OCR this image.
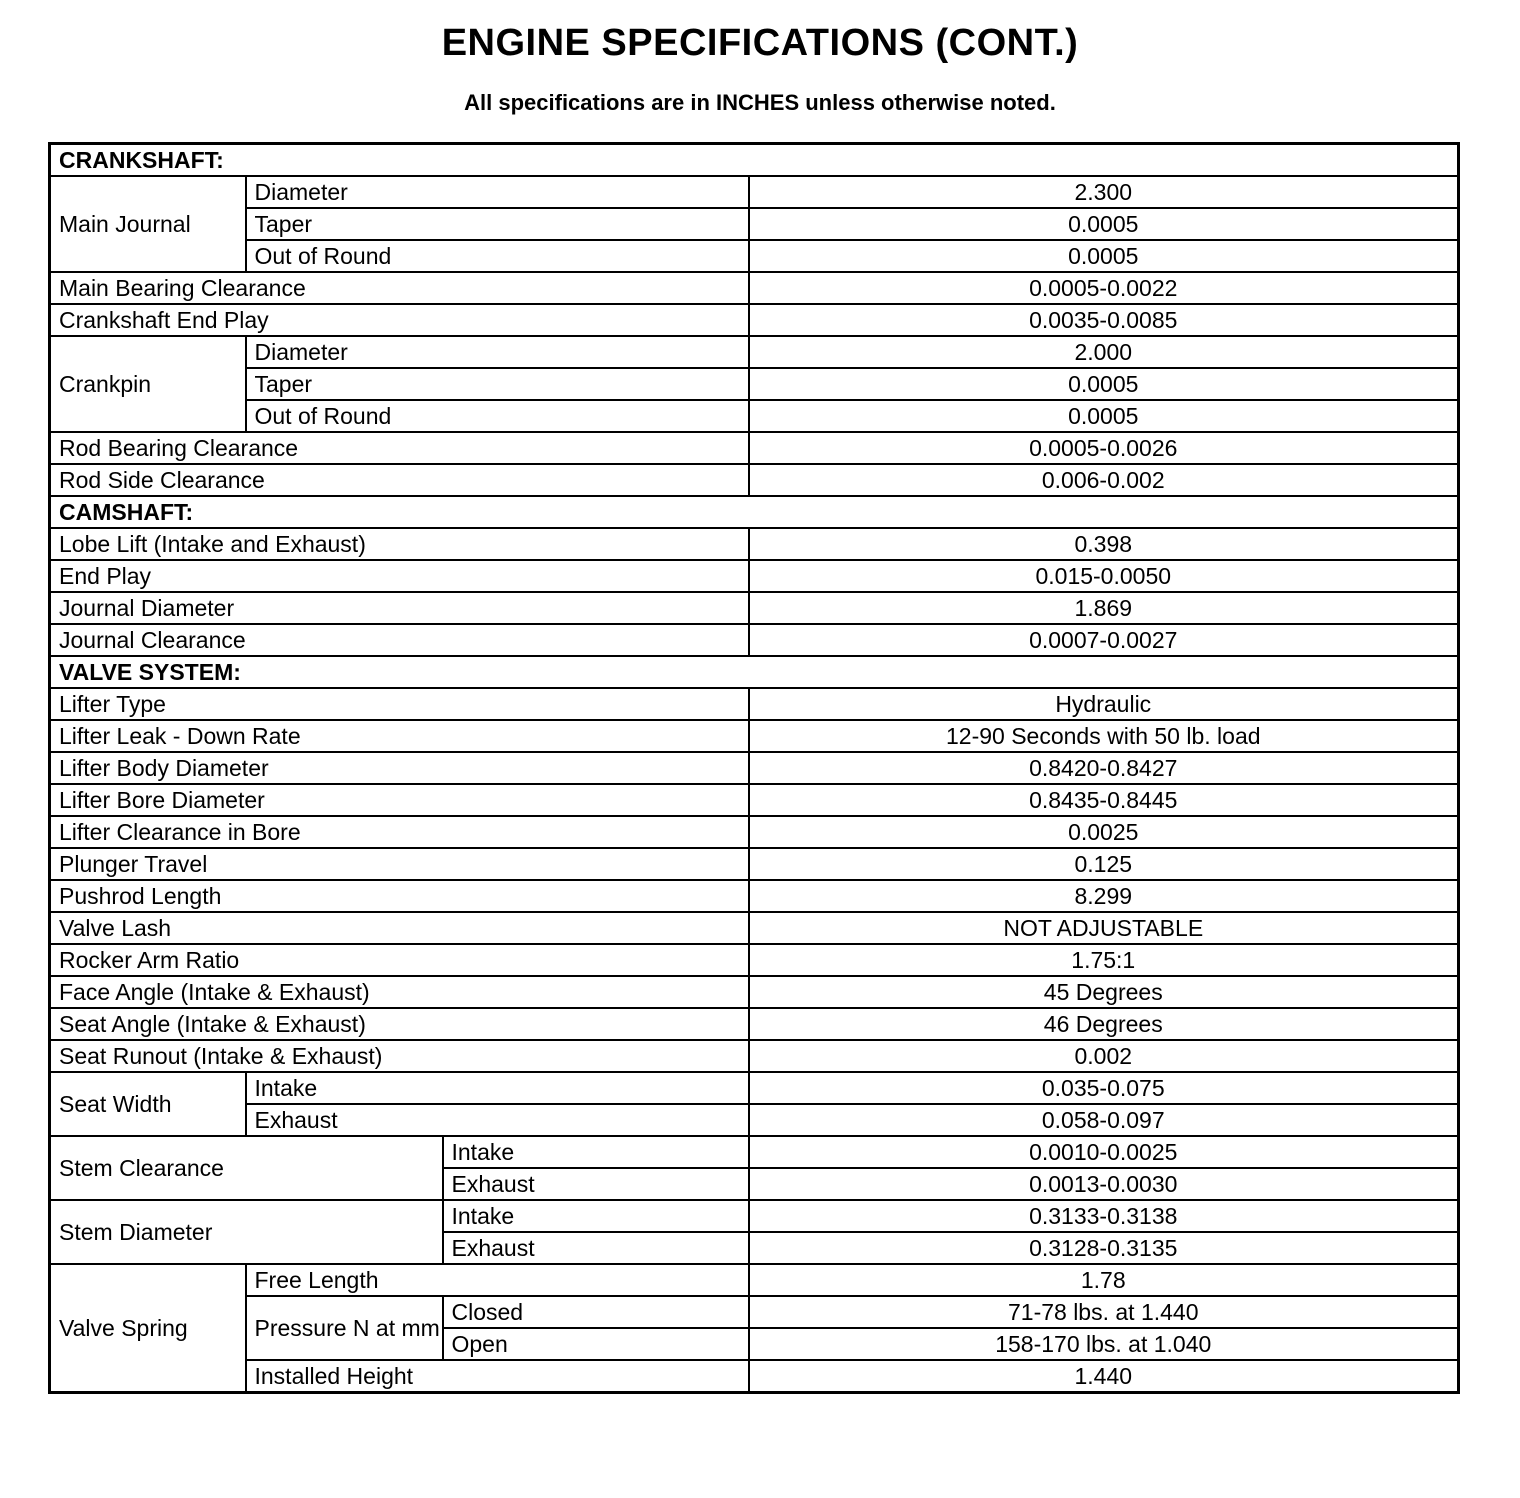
ENGINE SPECIFICATIONS (CONT.)
All specifications are in INCHES unless otherwise noted.
CRANKSHAFT:			
Main Journal	Diameter		2.300
	Taper		0.0005
	Out of Round		0.0005
Main Bearing Clearance			0.0005-0.0022
Crankshaft End Play			0.0035-0.0085
Crankpin	Diameter		2.000
	Taper		0.0005
	Out of Round		0.0005
Rod Bearing Clearance			0.0005-0.0026
Rod Side Clearance			0.006-0.002
CAMSHAFT:			
Lobe Lift (Intake and Exhaust)			0.398
End Play			0.015-0.0050
Journal Diameter			1.869
Journal Clearance			0.0007-0.0027
VALVE SYSTEM:			
Lifter Type			Hydraulic
Lifter Leak - Down Rate			12-90 Seconds with 50 lb. load
Lifter Body Diameter			0.8420-0.8427
Lifter Bore Diameter			0.8435-0.8445
Lifter Clearance in Bore			0.0025
Plunger Travel			0.125
Pushrod Length			8.299
Valve Lash			NOT ADJUSTABLE
Rocker Arm Ratio			1.75:1
Face Angle (Intake & Exhaust)			45 Degrees
Seat Angle (Intake & Exhaust)			46 Degrees
Seat Runout (Intake & Exhaust)			0.002
Seat Width	Intake		0.035-0.075
	Exhaust		0.058-0.097
Stem Clearance		Intake	0.0010-0.0025
		Exhaust	0.0013-0.0030
Stem Diameter		Intake	0.3133-0.3138
		Exhaust	0.3128-0.3135
Valve Spring	Free Length		1.78
	Pressure N at mm	Closed	71-78 lbs. at 1.440
		Open	158-170 lbs. at 1.040
	Installed Height		1.440
